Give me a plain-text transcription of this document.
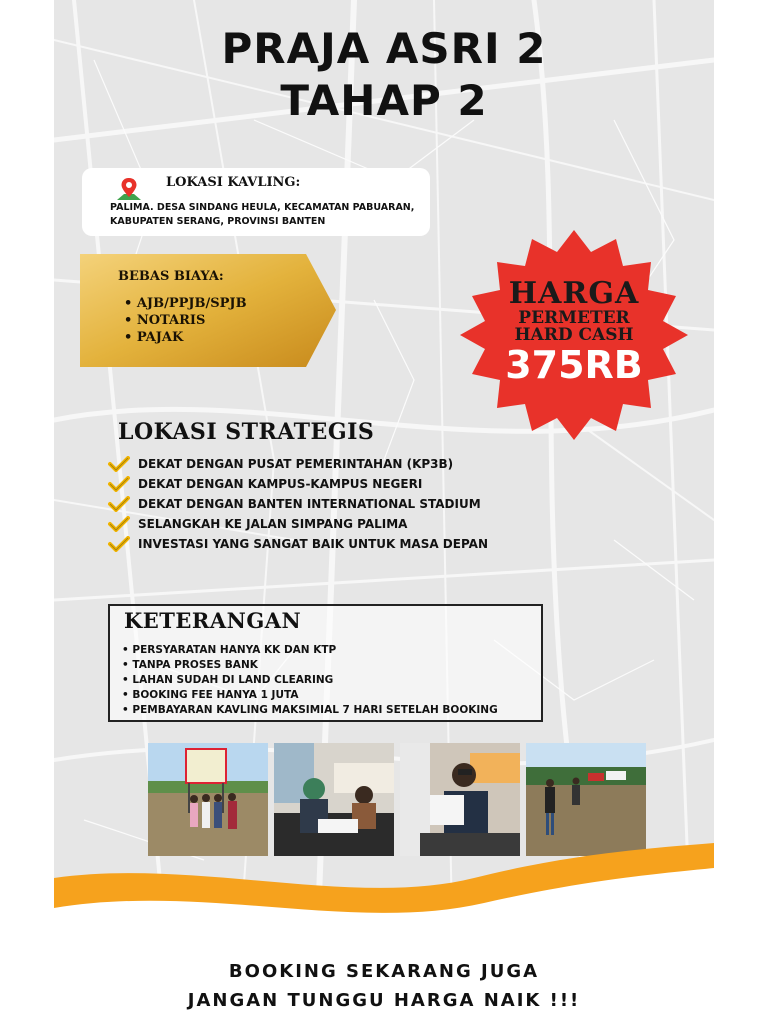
PRAJA ASRI 2
TAHAP 2
LOKASI KAVLING:
PALIMA. DESA SINDANG HEULA, KECAMATAN PABUARAN, KABUPATEN SERANG, PROVINSI BANTEN
BEBAS BIAYA:
• AJB/PPJB/SPJB
• NOTARIS
• PAJAK
HARGA
PERMETER
HARD CASH
375RB
LOKASI STRATEGIS
DEKAT DENGAN PUSAT PEMERINTAHAN (KP3B)
DEKAT DENGAN KAMPUS-KAMPUS NEGERI
DEKAT DENGAN BANTEN INTERNATIONAL STADIUM
SELANGKAH KE JALAN SIMPANG PALIMA
INVESTASI YANG SANGAT BAIK UNTUK MASA DEPAN
KETERANGAN
• PERSYARATAN HANYA KK DAN KTP
• TANPA PROSES BANK
• LAHAN SUDAH DI LAND CLEARING
• BOOKING FEE HANYA 1 JUTA
• PEMBAYARAN KAVLING MAKSIMIAL 7 HARI SETELAH BOOKING
BOOKING SEKARANG JUGA
JANGAN TUNGGU HARGA NAIK !!!
